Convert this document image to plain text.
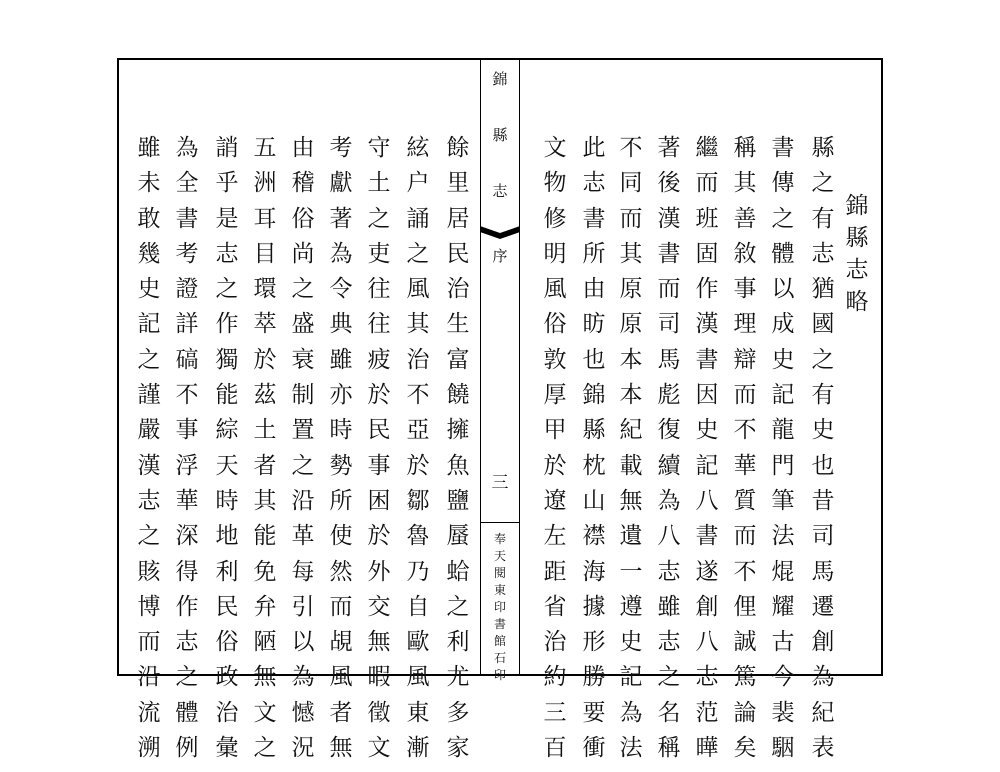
錦
縣
志
略
縣
之
有
志
猶
國
之
有
史
也
昔
司
馬
遷
創
為
紀
表
書
傳
之
體
以
成
史
記
龍
門
筆
法
焜
耀
古
今
裴
駰
稱
其
善
敘
事
理
辯
而
不
華
質
而
不
俚
誠
篤
論
矣
繼
而
班
固
作
漢
書
因
史
記
八
書
遂
創
八
志
范
曄
著
後
漢
書
而
司
馬
彪
復
續
為
八
志
雖
志
之
名
稱
不
同
而
其
原
原
本
本
紀
載
無
遺
一
遵
史
記
為
法
此
志
書
所
由
昉
也
錦
縣
枕
山
襟
海
據
形
勝
要
衝
文
物
修
明
風
俗
敦
厚
甲
於
遼
左
距
省
治
約
三
百
餘
里
居
民
治
生
富
饒
擁
魚
鹽
蜃
蛤
之
利
尤
多
家
絃
户
誦
之
風
其
治
不
亞
於
鄒
魯
乃
自
歐
風
東
漸
守
土
之
吏
往
往
疲
於
民
事
困
於
外
交
無
暇
徵
文
考
獻
著
為
令
典
雖
亦
時
勢
所
使
然
而
覘
風
者
無
由
稽
俗
尚
之
盛
衰
制
置
之
沿
革
每
引
以
為
憾
況
五
洲
耳
目
環
萃
於
茲
土
者
其
能
免
弁
陋
無
文
之
誚
乎
是
志
之
作
獨
能
綜
天
時
地
利
民
俗
政
治
彙
為
全
書
考
證
詳
碻
不
事
浮
華
深
得
作
志
之
體
例
雖
未
敢
幾
史
記
之
謹
嚴
漢
志
之
賅
博
而
沿
流
溯
錦
縣
志
序
三
奉
天
閱
東
印
書
館
石
印
